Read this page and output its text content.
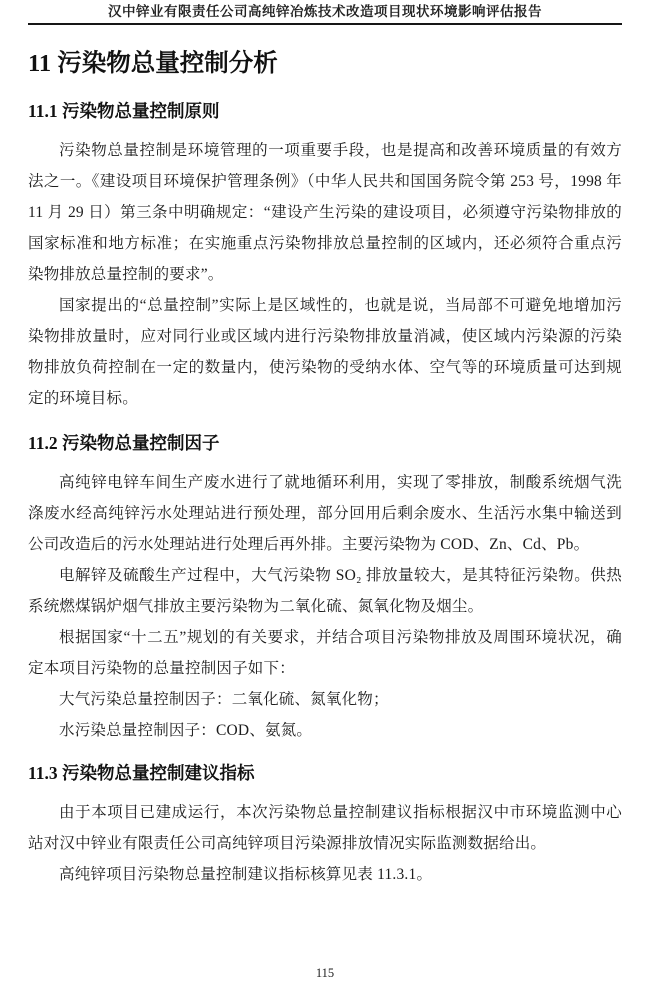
汉中锌业有限责任公司高纯锌冶炼技术改造项目现状环境影响评估报告
11 污染物总量控制分析
11.1 污染物总量控制原则

污染物总量控制是环境管理的一项重要手段，也是提高和改善环境质量的有效方法之一。《建设项目环境保护管理条例》（中华人民共和国国务院令第 253 号，1998 年 11 月 29 日）第三条中明确规定：“建设产生污染的建设项目，必须遵守污染物排放的国家标准和地方标准；在实施重点污染物排放总量控制的区域内，还必须符合重点污染物排放总量控制的要求”。

国家提出的“总量控制”实际上是区域性的，也就是说，当局部不可避免地增加污染物排放量时，应对同行业或区域内进行污染物排放量消减，使区域内污染源的污染物排放负荷控制在一定的数量内，使污染物的受纳水体、空气等的环境质量可达到规定的环境目标。

11.2 污染物总量控制因子

高纯锌电锌车间生产废水进行了就地循环利用，实现了零排放，制酸系统烟气洗涤废水经高纯锌污水处理站进行预处理，部分回用后剩余废水、生活污水集中输送到公司改造后的污水处理站进行处理后再外排。主要污染物为 COD、Zn、Cd、Pb。

电解锌及硫酸生产过程中，大气污染物 SO₂ 排放量较大，是其特征污染物。供热系统燃煤锅炉烟气排放主要污染物为二氧化硫、氮氧化物及烟尘。

根据国家“十二五”规划的有关要求，并结合项目污染物排放及周围环境状况，确定本项目污染物的总量控制因子如下：

大气污染总量控制因子：二氧化硫、氮氧化物；

水污染总量控制因子：COD、氨氮。

11.3 污染物总量控制建议指标

由于本项目已建成运行，本次污染物总量控制建议指标根据汉中市环境监测中心站对汉中锌业有限责任公司高纯锌项目污染源排放情况实际监测数据给出。

高纯锌项目污染物总量控制建议指标核算见表 11.3.1。

115
